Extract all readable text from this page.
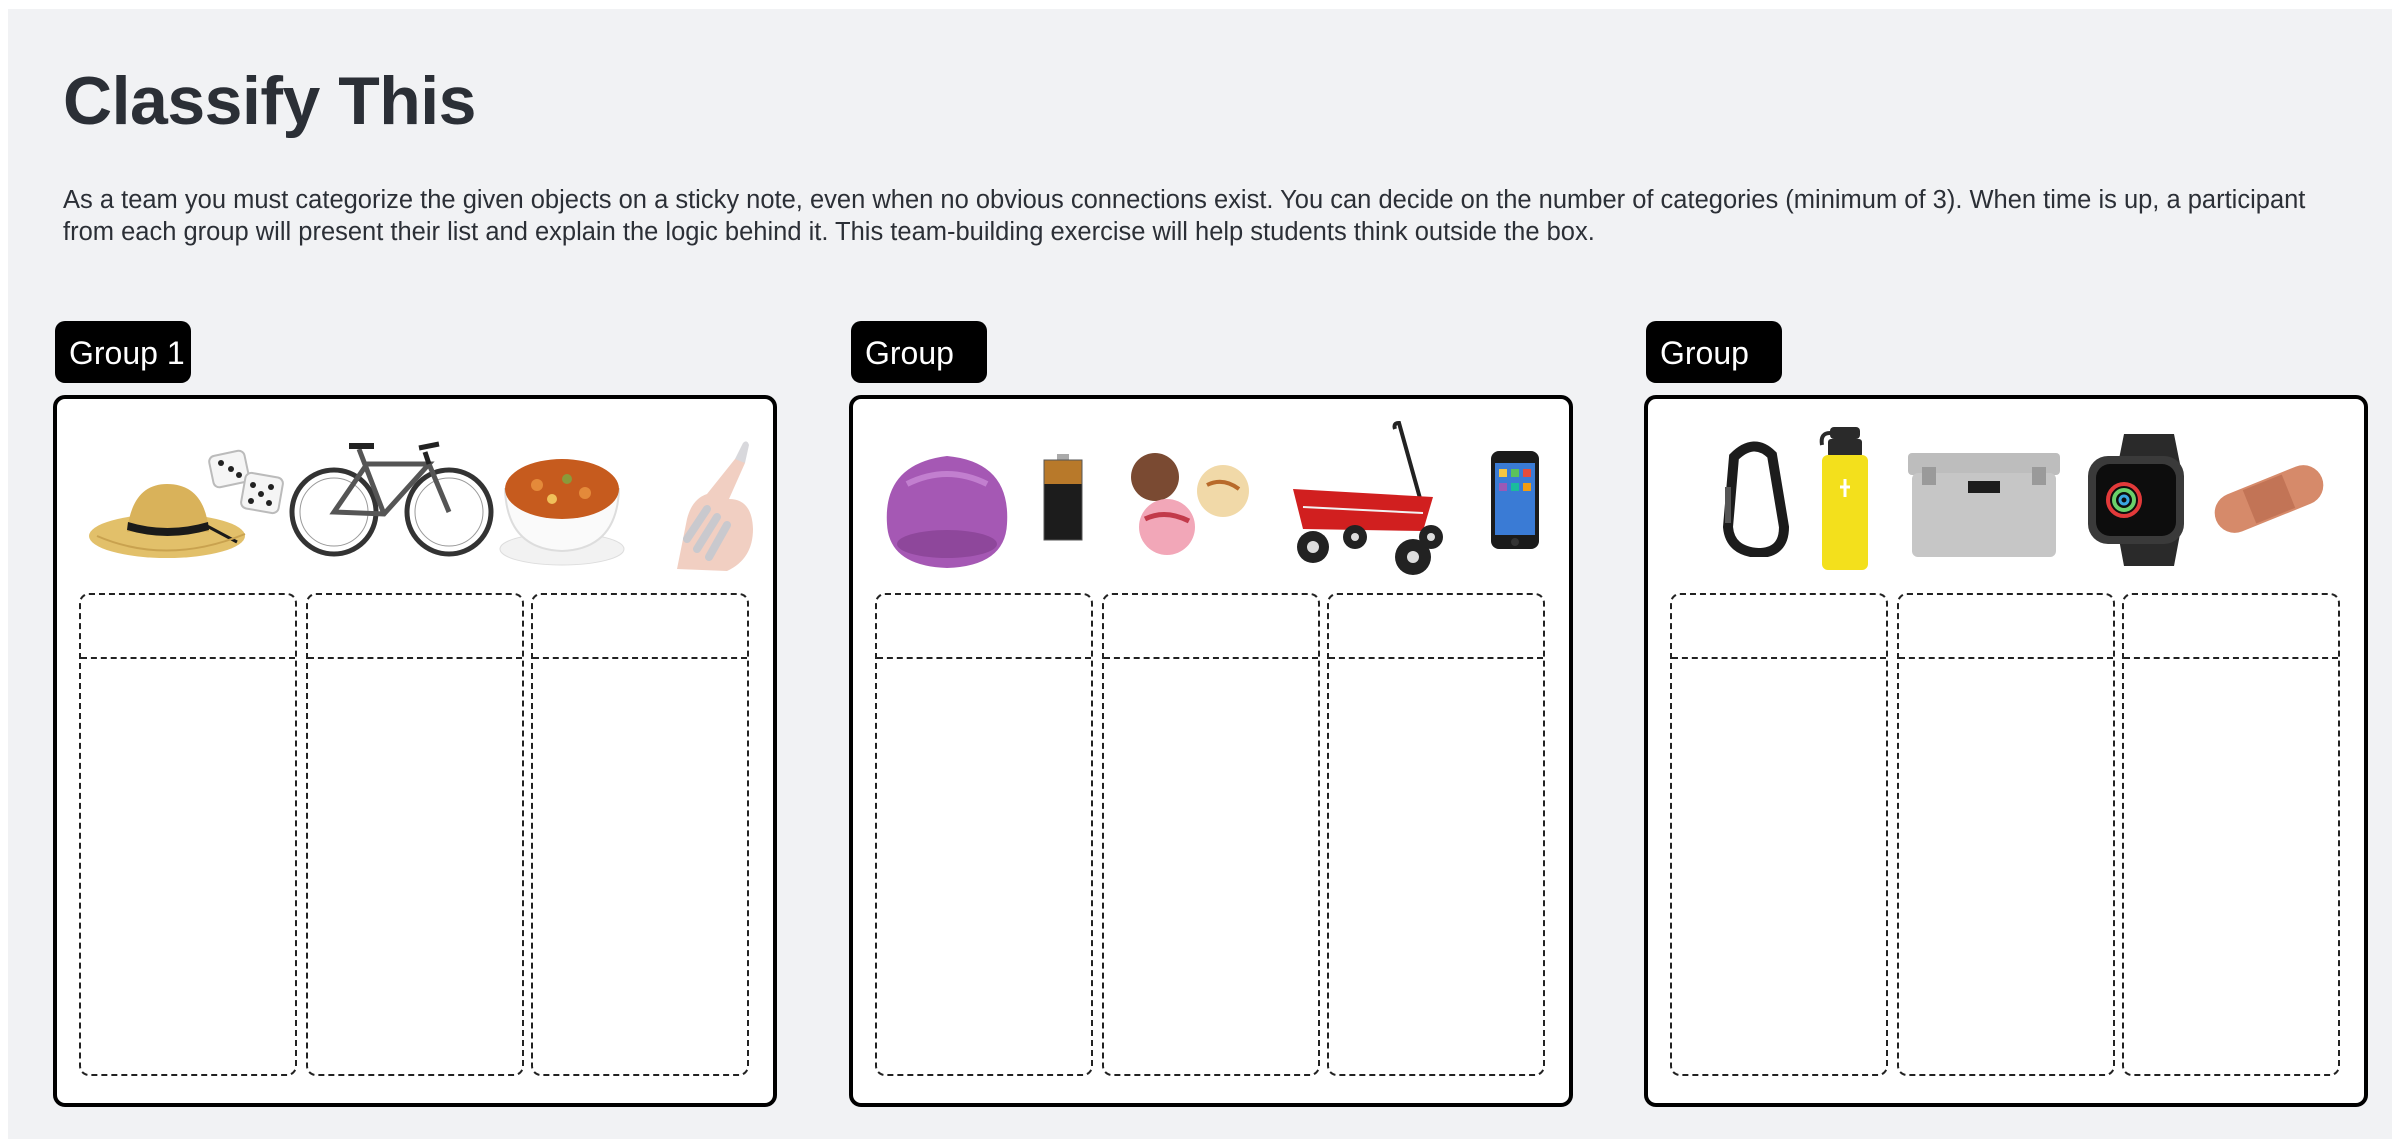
Classify This
As a team you must categorize the given objects on a sticky note, even when no obvious connections exist. You can decide on the number of categories (minimum of 3). When time is up, a participant from each group will present their list and explain the logic behind it. This team-building exercise will help students think outside the box.
Group 1	Group	Group
